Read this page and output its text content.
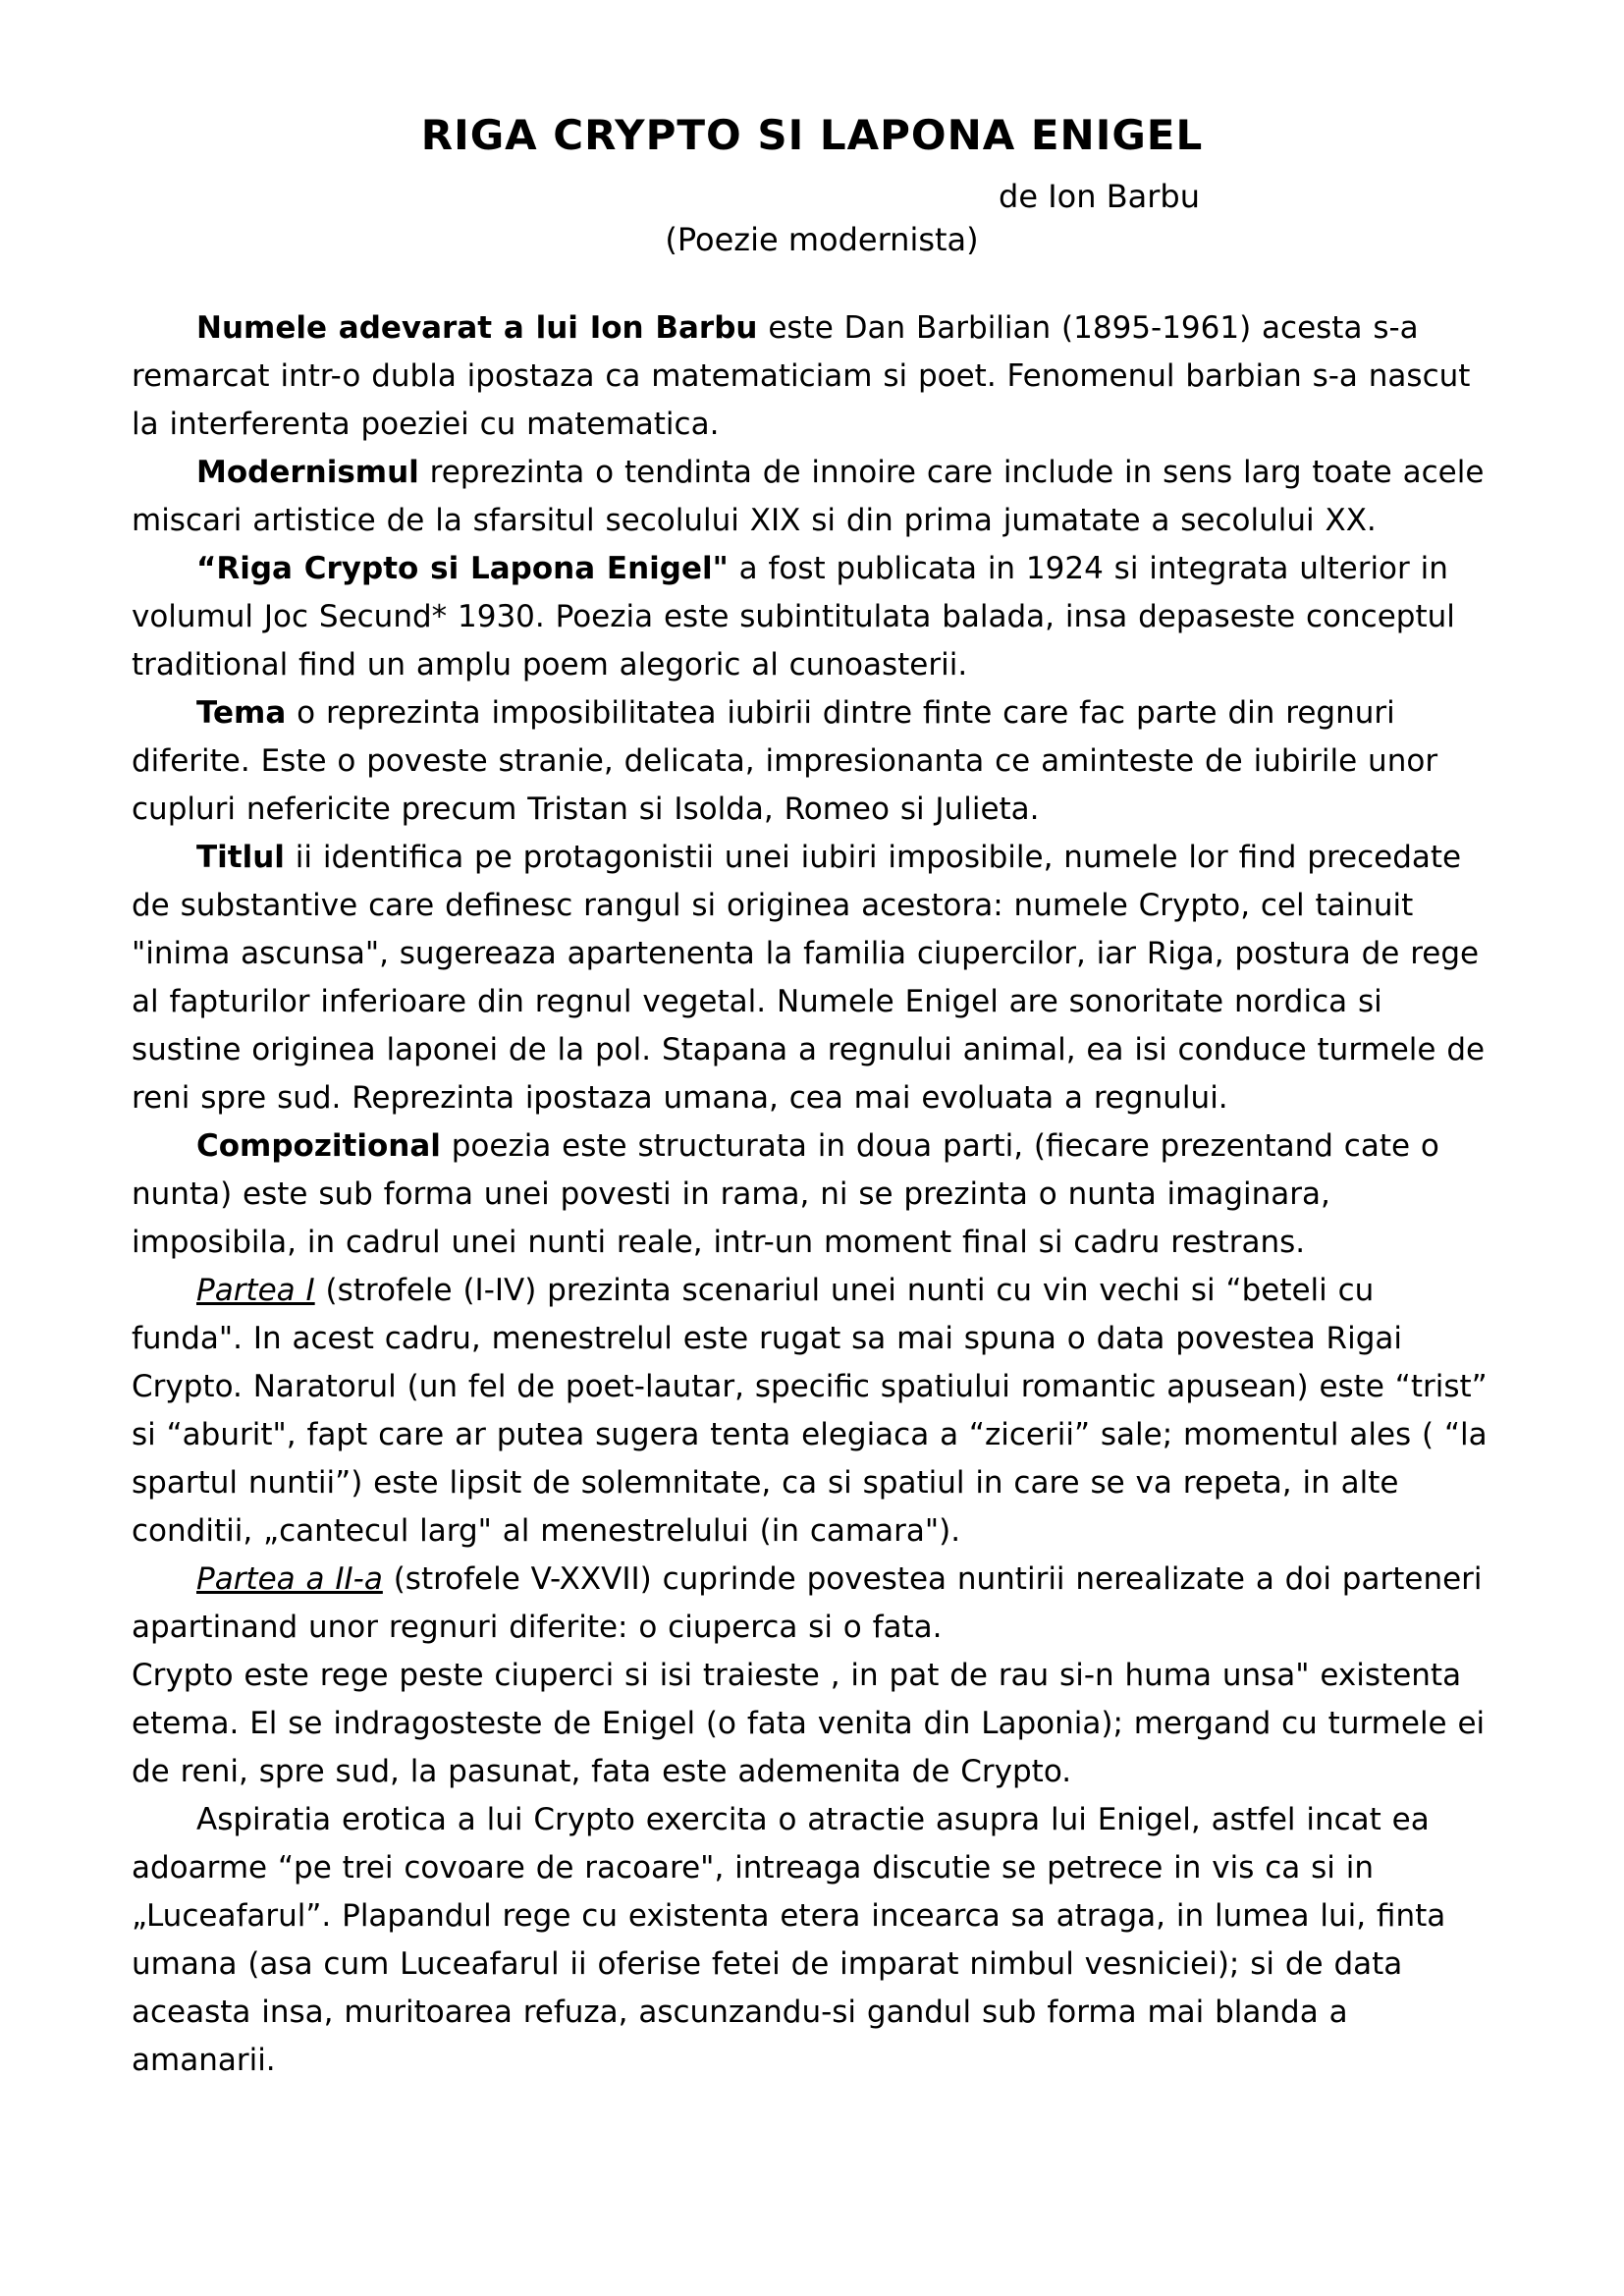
RIGA CRYPTO SI LAPONA ENIGEL
de Ion Barbu
(Poezie modernista)

Numele adevarat a lui Ion Barbu este Dan Barbilian (1895-1961) acesta s-a remarcat intr-o dubla ipostaza ca matematiciam si poet. Fenomenul barbian s-a nascut la interferenta poeziei cu matematica.

Modernismul reprezinta o tendinta de innoire care include in sens larg toate acele miscari artistice de la sfarsitul secolului XIX si din prima jumatate a secolului XX.

“Riga Crypto si Lapona Enigel" a fost publicata in 1924 si integrata ulterior in volumul Joc Secund* 1930. Poezia este subintitulata balada, insa depaseste conceptul traditional find un amplu poem alegoric al cunoasterii.

Tema o reprezinta imposibilitatea iubirii dintre finte care fac parte din regnuri diferite. Este o poveste stranie, delicata, impresionanta ce aminteste de iubirile unor cupluri nefericite precum Tristan si Isolda, Romeo si Julieta.

Titlul ii identifica pe protagonistii unei iubiri imposibile, numele lor find precedate de substantive care definesc rangul si originea acestora: numele Crypto, cel tainuit "inima ascunsa", sugereaza apartenenta la familia ciupercilor, iar Riga, postura de rege al fapturilor inferioare din regnul vegetal. Numele Enigel are sonoritate nordica si sustine originea laponei de la pol. Stapana a regnului animal, ea isi conduce turmele de reni spre sud. Reprezinta ipostaza umana, cea mai evoluata a regnului.

Compozitional poezia este structurata in doua parti, (fiecare prezentand cate o nunta) este sub forma unei povesti in rama, ni se prezinta o nunta imaginara, imposibila, in cadrul unei nunti reale, intr-un moment final si cadru restrans.

Partea I (strofele (I-IV) prezinta scenariul unei nunti cu vin vechi si “beteli cu funda". In acest cadru, menestrelul este rugat sa mai spuna o data povestea Rigai Crypto. Naratorul (un fel de poet-lautar, specific spatiului romantic apusean) este “trist” si “aburit", fapt care ar putea sugera tenta elegiaca a “zicerii” sale; momentul ales ( “la spartul nuntii”) este lipsit de solemnitate, ca si spatiul in care se va repeta, in alte conditii, „cantecul larg" al menestrelului (in camara").

Partea a II-a (strofele V-XXVII) cuprinde povestea nuntirii nerealizate a doi parteneri apartinand unor regnuri diferite: o ciuperca si o fata.

Crypto este rege peste ciuperci si isi traieste , in pat de rau si-n huma unsa" existenta etema. El se indragosteste de Enigel (o fata venita din Laponia); mergand cu turmele ei de reni, spre sud, la pasunat, fata este ademenita de Crypto.

Aspiratia erotica a lui Crypto exercita o atractie asupra lui Enigel, astfel incat ea adoarme “pe trei covoare de racoare", intreaga discutie se petrece in vis ca si in „Luceafarul”. Plapandul rege cu existenta etera incearca sa atraga, in lumea lui, finta umana (asa cum Luceafarul ii oferise fetei de imparat nimbul vesniciei); si de data aceasta insa, muritoarea refuza, ascunzandu-si gandul sub forma mai blanda a amanarii.
